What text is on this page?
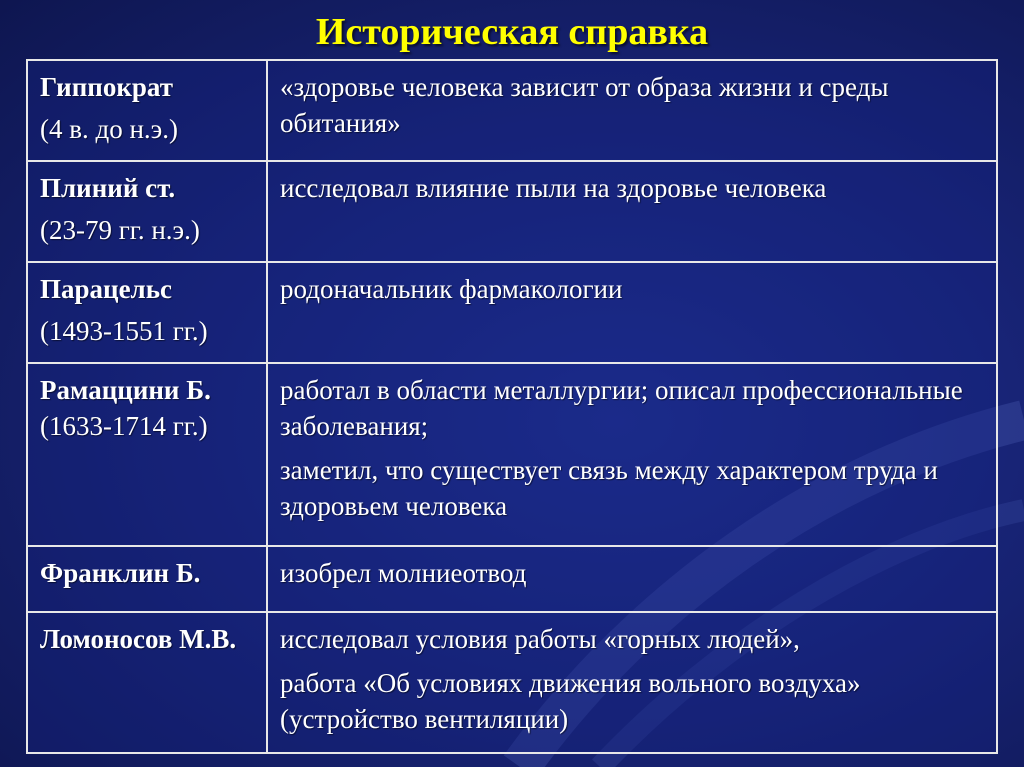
Историческая справка
Гиппократ
(4 в. до н.э.)	«здоровье человека зависит от образа жизни и среды обитания»

Плиний ст.
(23-79 гг. н.э.)	исследовал влияние пыли на здоровье человека

Парацельс
(1493-1551 гг.)	родоначальник фармакологии

Рамаццини Б.
(1633-1714 гг.)	работал в области металлургии; описал профессиональные заболевания;
заметил, что существует связь между характером труда и здоровьем человека

Франклин Б.	изобрел молниеотвод

Ломоносов М.В.	исследовал условия работы «горных людей»,
работа «Об условиях движения вольного воздуха» (устройство вентиляции)
